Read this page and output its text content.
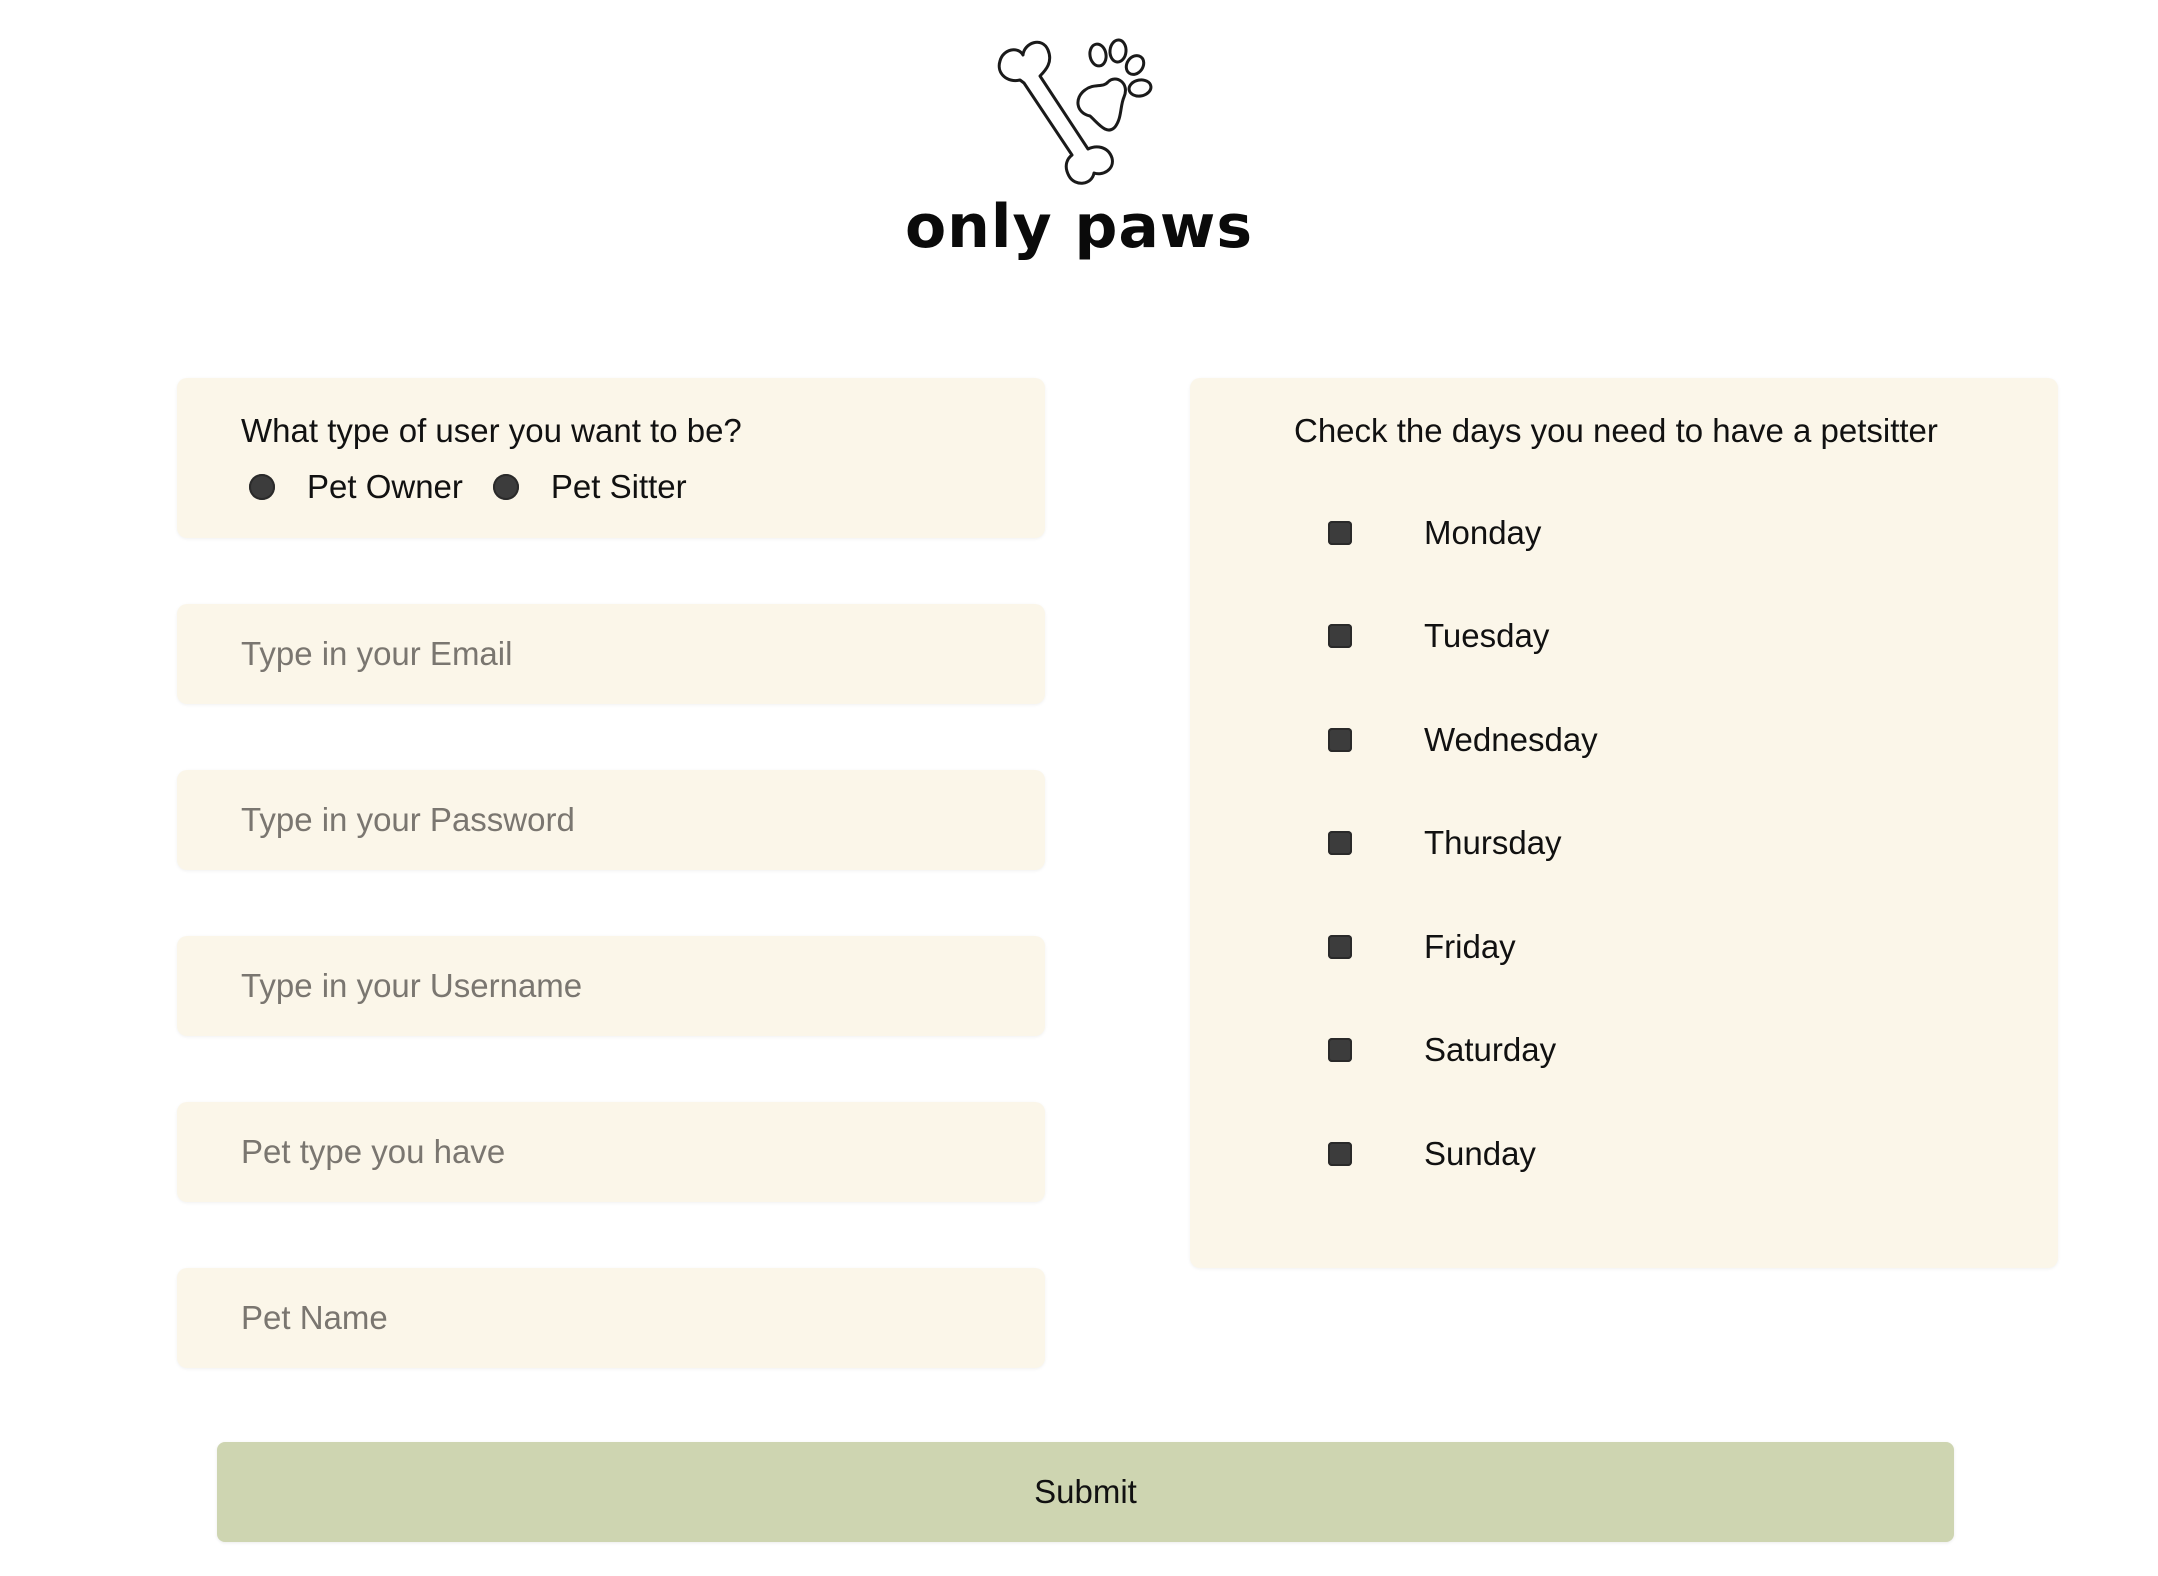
only paws
What type of user you want to be?
Pet Owner	Pet Sitter
Type in your Email
Type in your Password
Type in your Username
Pet type you have
Pet Name
Check the days you need to have a petsitter
Monday
Tuesday
Wednesday
Thursday
Friday
Saturday
Sunday
Submit
